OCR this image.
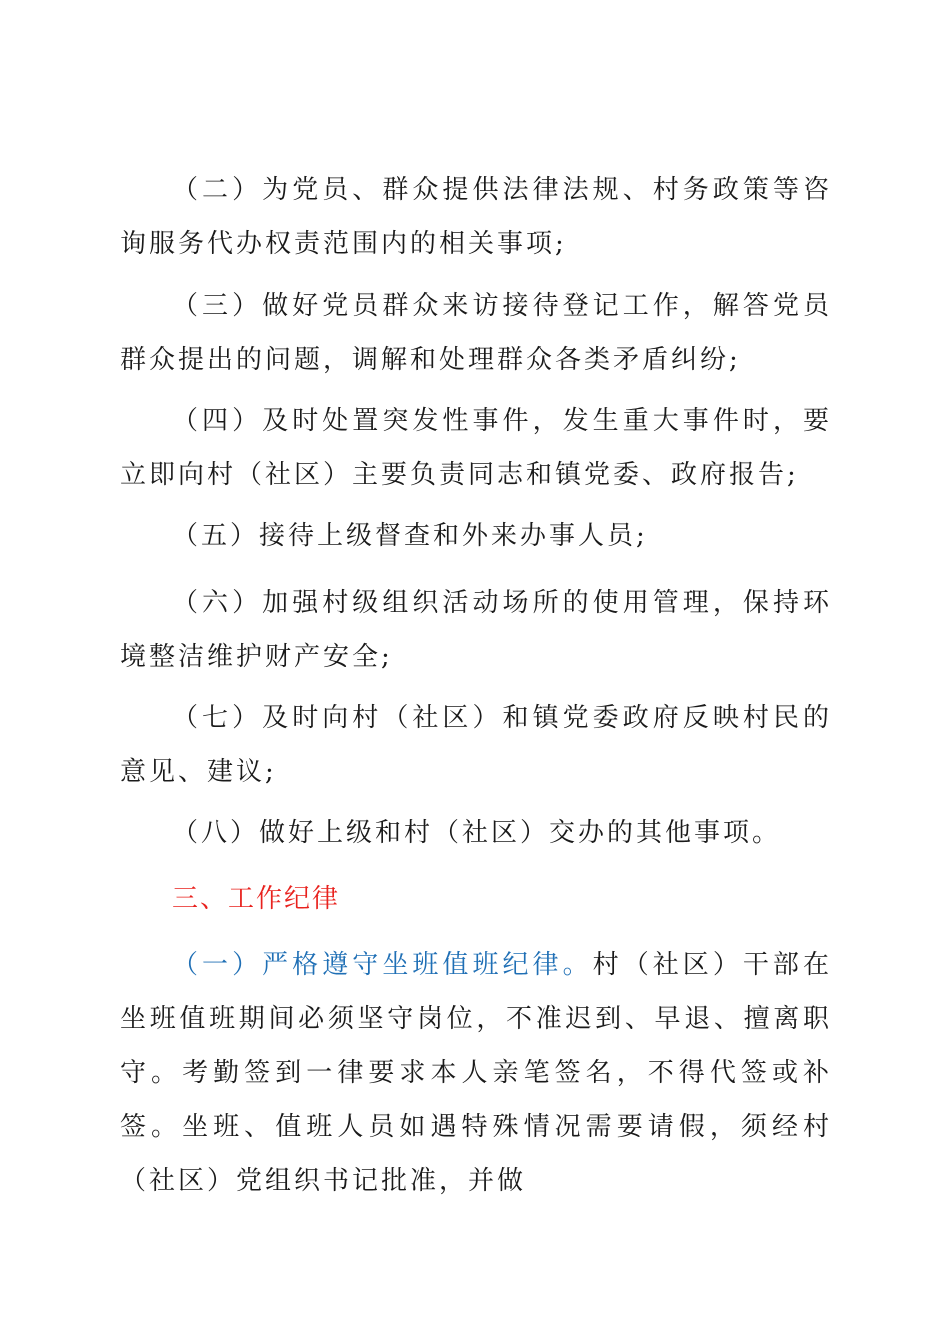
（二）为党员、群众提供法律法规、村务政策等咨询服务代办权责范围内的相关事项;

（三）做好党员群众来访接待登记工作，解答党员群众提出的问题，调解和处理群众各类矛盾纠纷;

（四）及时处置突发性事件，发生重大事件时，要立即向村（社区）主要负责同志和镇党委、政府报告;

（五）接待上级督查和外来办事人员;

（六）加强村级组织活动场所的使用管理，保持环境整洁维护财产安全;

（七）及时向村（社区）和镇党委政府反映村民的意见、建议;

（八）做好上级和村（社区）交办的其他事项。

三、工作纪律

（一）严格遵守坐班值班纪律。村（社区）干部在坐班值班期间必须坚守岗位，不准迟到、早退、擅离职守。考勤签到一律要求本人亲笔签名，不得代签或补签。坐班、值班人员如遇特殊情况需要请假，须经村（社区）党组织书记批准，并做
